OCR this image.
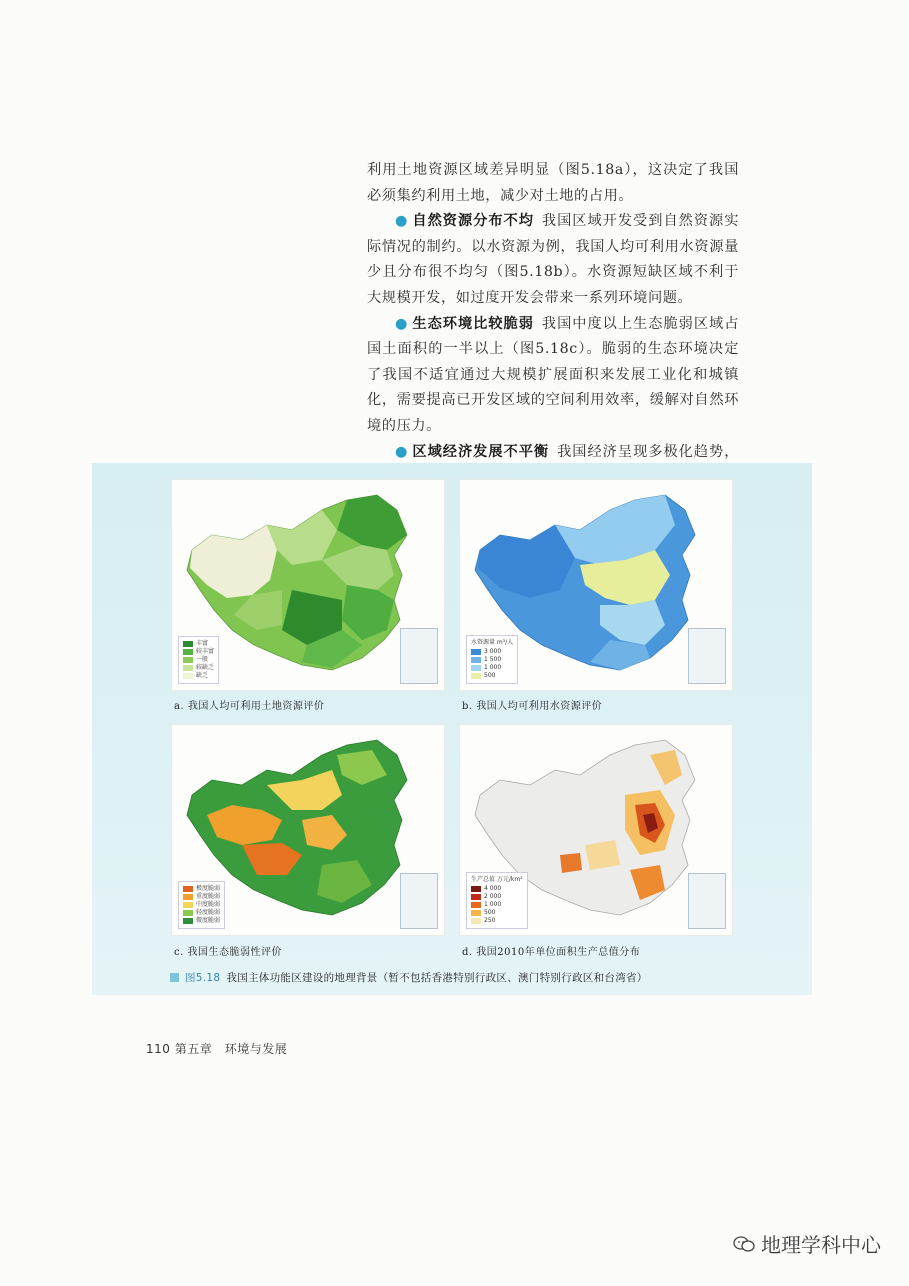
利用土地资源区域差异明显（图5.18a），这决定了我国必须集约利用土地，减少对土地的占用。

● 自然资源分布不均 我国区域开发受到自然资源实际情况的制约。以水资源为例，我国人均可利用水资源量少且分布很不均匀（图5.18b）。水资源短缺区域不利于大规模开发，如过度开发会带来一系列环境问题。

● 生态环境比较脆弱 我国中度以上生态脆弱区域占国土面积的一半以上（图5.18c）。脆弱的生态环境决定了我国不适宜通过大规模扩展面积来发展工业化和城镇化，需要提高已开发区域的空间利用效率，缓解对自然环境的压力。

● 区域经济发展不平衡 我国经济呈现多极化趋势，

丰富
较丰富
一般
较缺乏
缺乏
a. 我国人均可利用土地资源评价
水资源量 m³/人
3 000
1 500
1 000
500
b. 我国人均可利用水资源评价
极度脆弱
重度脆弱
中度脆弱
轻度脆弱
微度脆弱
c. 我国生态脆弱性评价
生产总值 万元/km²
4 000
2 000
1 000
500
250
d. 我国2010年单位面积生产总值分布
图5.18 我国主体功能区建设的地理背景（暂不包括香港特别行政区、澳门特别行政区和台湾省）
110 第五章　环境与发展
地理学科中心
